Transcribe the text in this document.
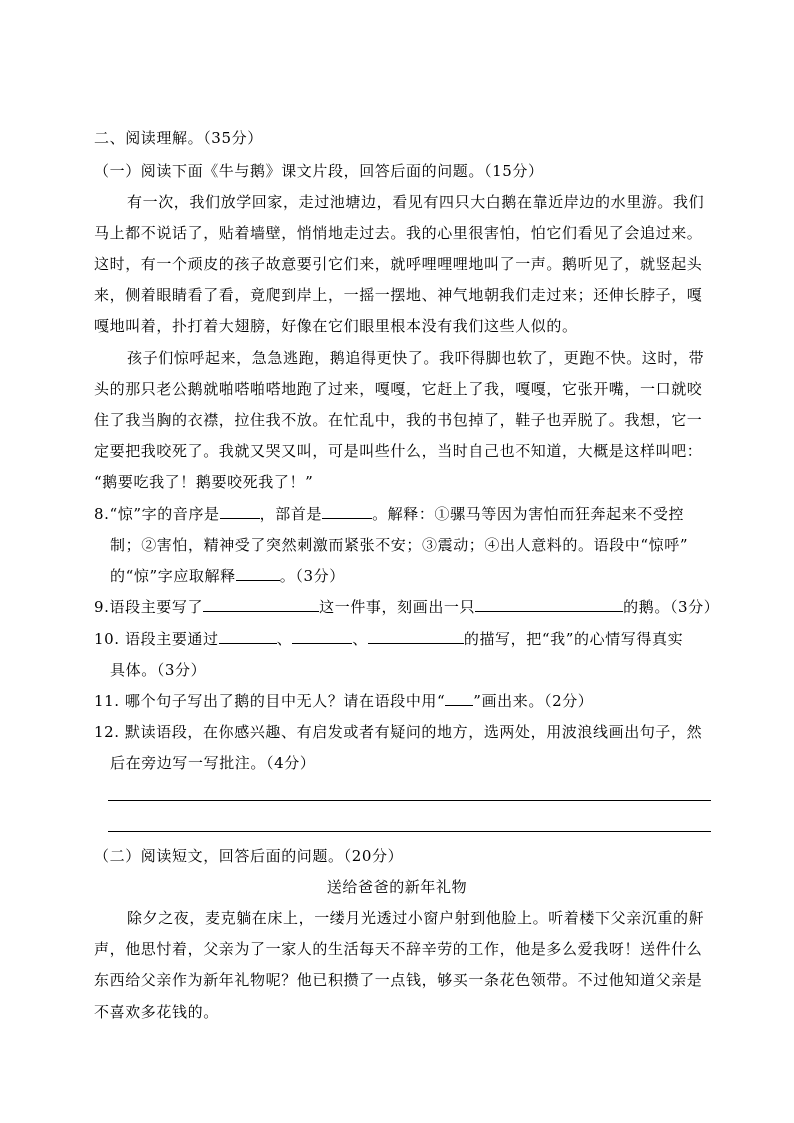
二、阅读理解。（35分）
（一）阅读下面《牛与鹅》课文片段，回答后面的问题。（15分）
有一次，我们放学回家，走过池塘边，看见有四只大白鹅在靠近岸边的水里游。我们
马上都不说话了，贴着墙壁，悄悄地走过去。我的心里很害怕，怕它们看见了会追过来。
这时，有一个顽皮的孩子故意要引它们来，就呼哩哩哩地叫了一声。鹅听见了，就竖起头
来，侧着眼睛看了看，竟爬到岸上，一摇一摆地、神气地朝我们走过来；还伸长脖子，嘎
嘎地叫着，扑打着大翅膀，好像在它们眼里根本没有我们这些人似的。
孩子们惊呼起来，急急逃跑，鹅追得更快了。我吓得脚也软了，更跑不快。这时，带
头的那只老公鹅就啪嗒啪嗒地跑了过来，嘎嘎，它赶上了我，嘎嘎，它张开嘴，一口就咬
住了我当胸的衣襟，拉住我不放。在忙乱中，我的书包掉了，鞋子也弄脱了。我想，它一
定要把我咬死了。我就又哭又叫，可是叫些什么，当时自己也不知道，大概是这样叫吧：
“鹅要吃我了！鹅要咬死我了！”
8.“惊”字的音序是	，部首是	。解释：①骡马等因为害怕而狂奔起来不受控
制；②害怕，精神受了突然刺激而紧张不安；③震动；④出人意料的。语段中“惊呼”
的“惊”字应取解释	。（3分）
9.语段主要写了	这一件事，刻画出一只	的鹅。（3分）
10. 语段主要通过	、	、	的描写，把“我”的心情写得真实
具体。（3分）
11. 哪个句子写出了鹅的目中无人？请在语段中用“ ”画出来。（2分）
12. 默读语段，在你感兴趣、有启发或者有疑问的地方，选两处，用波浪线画出句子，然
后在旁边写一写批注。（4分）
（二）阅读短文，回答后面的问题。（20分）
送给爸爸的新年礼物
除夕之夜，麦克躺在床上，一缕月光透过小窗户射到他脸上。听着楼下父亲沉重的鼾
声，他思忖着，父亲为了一家人的生活每天不辞辛劳的工作，他是多么爱我呀！送件什么
东西给父亲作为新年礼物呢？他已积攒了一点钱，够买一条花色领带。不过他知道父亲是
不喜欢多花钱的。
